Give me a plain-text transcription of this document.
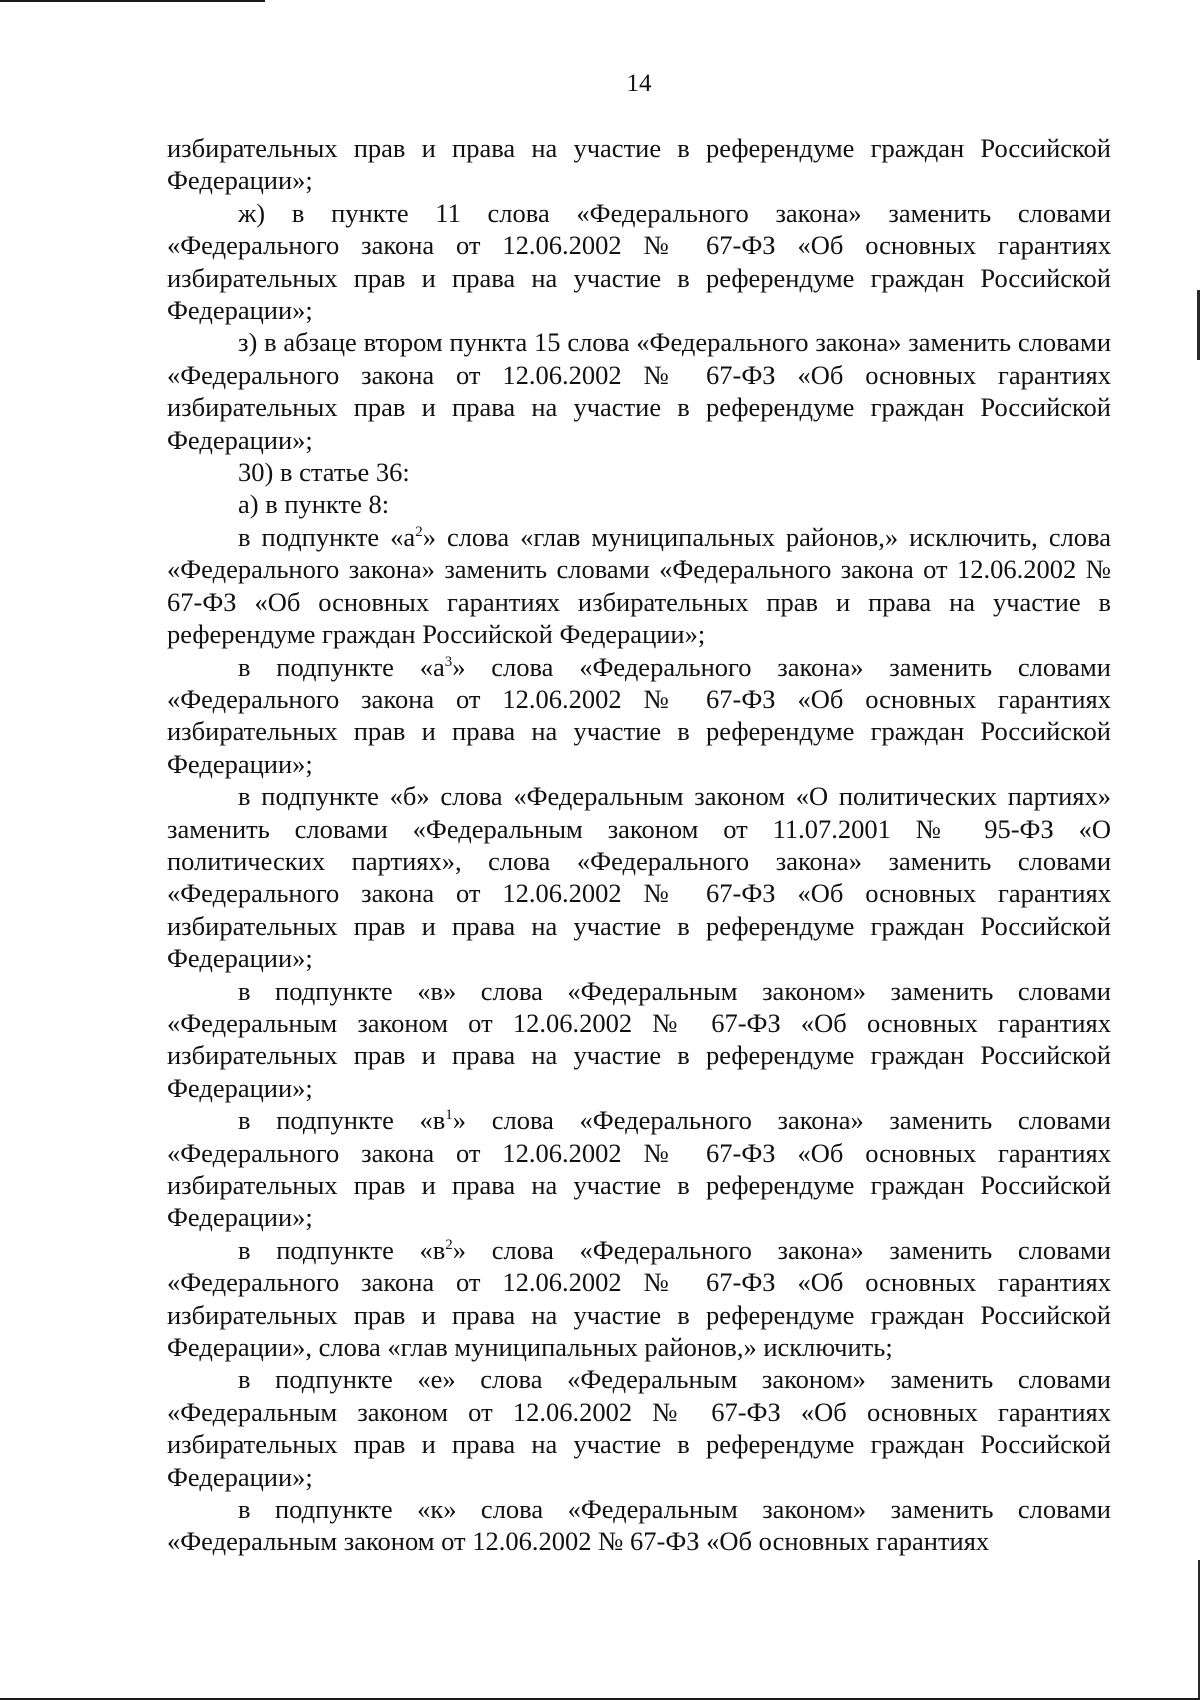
14

избирательных прав и права на участие в референдуме граждан Российской Федерации»;

ж) в пункте 11 слова «Федерального закона» заменить словами «Федерального закона от 12.06.2002 № 67-ФЗ «Об основных гарантиях избирательных прав и права на участие в референдуме граждан Российской Федерации»;

з) в абзаце втором пункта 15 слова «Федерального закона» заменить словами «Федерального закона от 12.06.2002 № 67-ФЗ «Об основных гарантиях избирательных прав и права на участие в референдуме граждан Российской Федерации»;

30) в статье 36:

а) в пункте 8:

в подпункте «$а^2$» слова «глав муниципальных районов,» исключить, слова «Федерального закона» заменить словами «Федерального закона от 12.06.2002 № 67-ФЗ «Об основных гарантиях избирательных прав и права на участие в референдуме граждан Российской Федерации»;

в подпункте «$а^3$» слова «Федерального закона» заменить словами «Федерального закона от 12.06.2002 № 67-ФЗ «Об основных гарантиях избирательных прав и права на участие в референдуме граждан Российской Федерации»;

в подпункте «б» слова «Федеральным законом «О политических партиях» заменить словами «Федеральным законом от 11.07.2001 № 95-ФЗ «О политических партиях», слова «Федерального закона» заменить словами «Федерального закона от 12.06.2002 № 67-ФЗ «Об основных гарантиях избирательных прав и права на участие в референдуме граждан Российской Федерации»;

в подпункте «в» слова «Федеральным законом» заменить словами «Федеральным законом от 12.06.2002 № 67-ФЗ «Об основных гарантиях избирательных прав и права на участие в референдуме граждан Российской Федерации»;

в подпункте «$в^1$» слова «Федерального закона» заменить словами «Федерального закона от 12.06.2002 № 67-ФЗ «Об основных гарантиях избирательных прав и права на участие в референдуме граждан Российской Федерации»;

в подпункте «$в^2$» слова «Федерального закона» заменить словами «Федерального закона от 12.06.2002 № 67-ФЗ «Об основных гарантиях избирательных прав и права на участие в референдуме граждан Российской Федерации», слова «глав муниципальных районов,» исключить;

в подпункте «е» слова «Федеральным законом» заменить словами «Федеральным законом от 12.06.2002 № 67-ФЗ «Об основных гарантиях избирательных прав и права на участие в референдуме граждан Российской Федерации»;

в подпункте «к» слова «Федеральным законом» заменить словами «Федеральным законом от 12.06.2002 № 67-ФЗ «Об основных гарантиях
